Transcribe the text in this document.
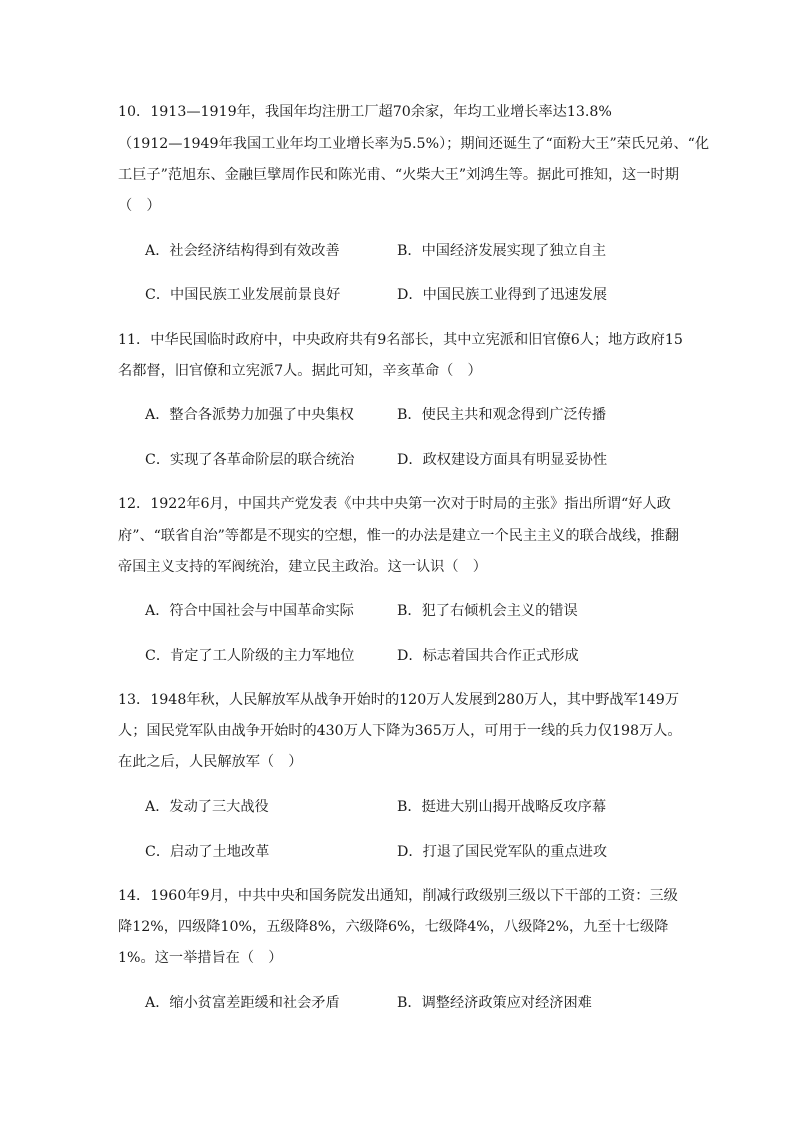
10．1913—1919年，我国年均注册工厂超70余家，年均工业增长率达13.8%
（1912—1949年我国工业年均工业增长率为5.5%）；期间还诞生了“面粉大王”荣氏兄弟、“化
工巨子”范旭东、金融巨擘周作民和陈光甫、“火柴大王”刘鸿生等。据此可推知，这一时期
（　）
A．社会经济结构得到有效改善	B．中国经济发展实现了独立自主
C．中国民族工业发展前景良好	D．中国民族工业得到了迅速发展
11．中华民国临时政府中，中央政府共有9名部长，其中立宪派和旧官僚6人；地方政府15
名都督，旧官僚和立宪派7人。据此可知，辛亥革命（　）
A．整合各派势力加强了中央集权	B．使民主共和观念得到广泛传播
C．实现了各革命阶层的联合统治	D．政权建设方面具有明显妥协性
12．1922年6月，中国共产党发表《中共中央第一次对于时局的主张》指出所谓“好人政
府”、“联省自治”等都是不现实的空想，惟一的办法是建立一个民主主义的联合战线，推翻
帝国主义支持的军阀统治，建立民主政治。这一认识（　）
A．符合中国社会与中国革命实际	B．犯了右倾机会主义的错误
C．肯定了工人阶级的主力军地位	D．标志着国共合作正式形成
13．1948年秋，人民解放军从战争开始时的120万人发展到280万人，其中野战军149万
人；国民党军队由战争开始时的430万人下降为365万人，可用于一线的兵力仅198万人。
在此之后，人民解放军（　）
A．发动了三大战役	B．挺进大别山揭开战略反攻序幕
C．启动了土地改革	D．打退了国民党军队的重点进攻
14．1960年9月，中共中央和国务院发出通知，削减行政级别三级以下干部的工资：三级
降12%，四级降10%，五级降8%，六级降6%，七级降4%，八级降2%，九至十七级降
1%。这一举措旨在（　）
A．缩小贫富差距缓和社会矛盾	B．调整经济政策应对经济困难
